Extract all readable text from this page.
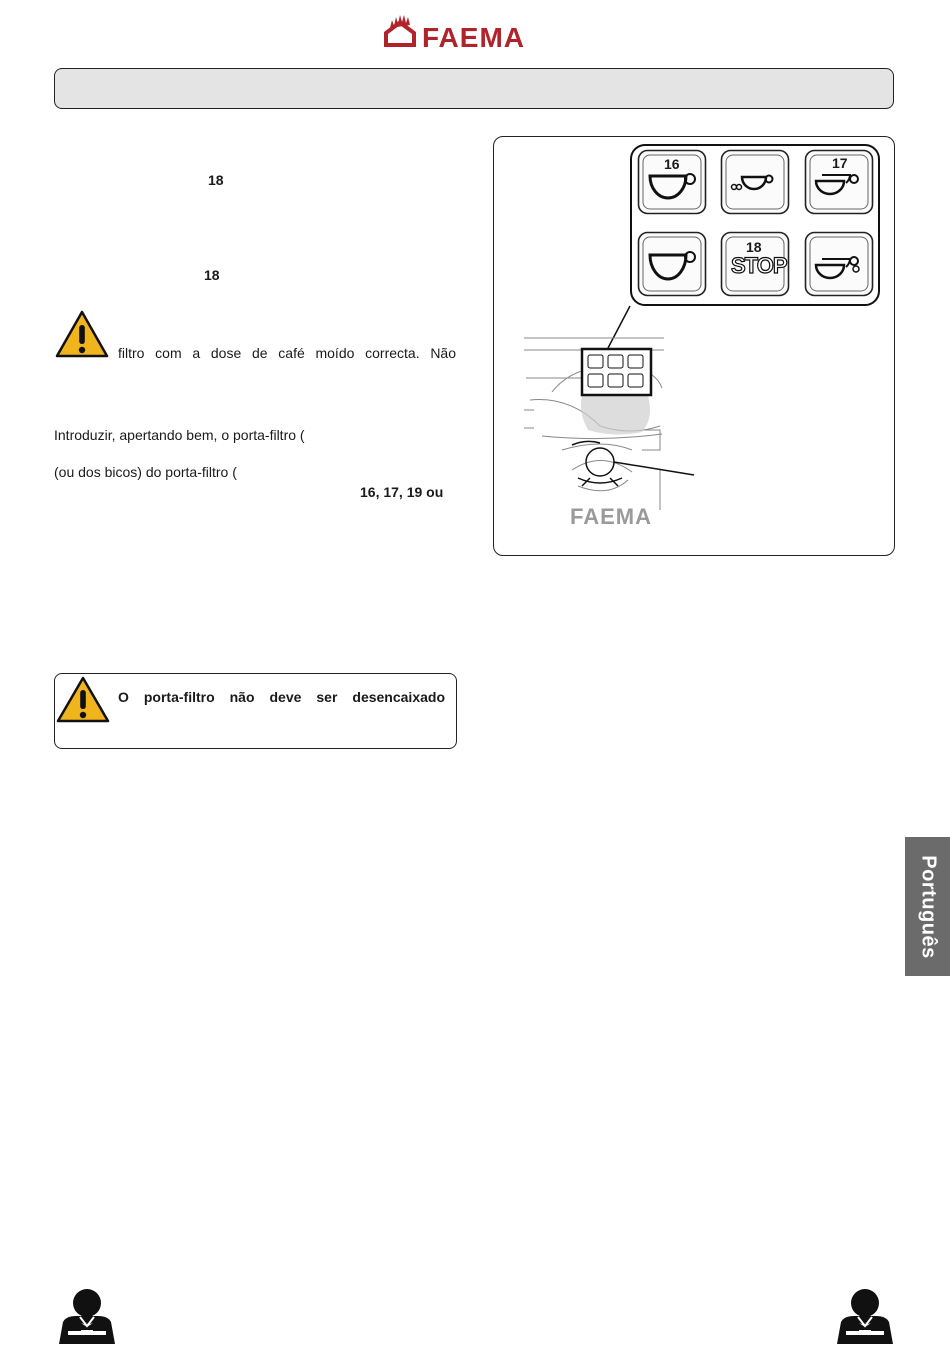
FAEMA
18
18
filtro com a dose de café moído correcta. Não
Introduzir, apertando bem, o porta-filtro (
(ou dos bicos) do porta-filtro (
16, 17, 19 ou
16	17
18
STOP
FAEMA
O porta-filtro não deve ser desencaixado
Português
